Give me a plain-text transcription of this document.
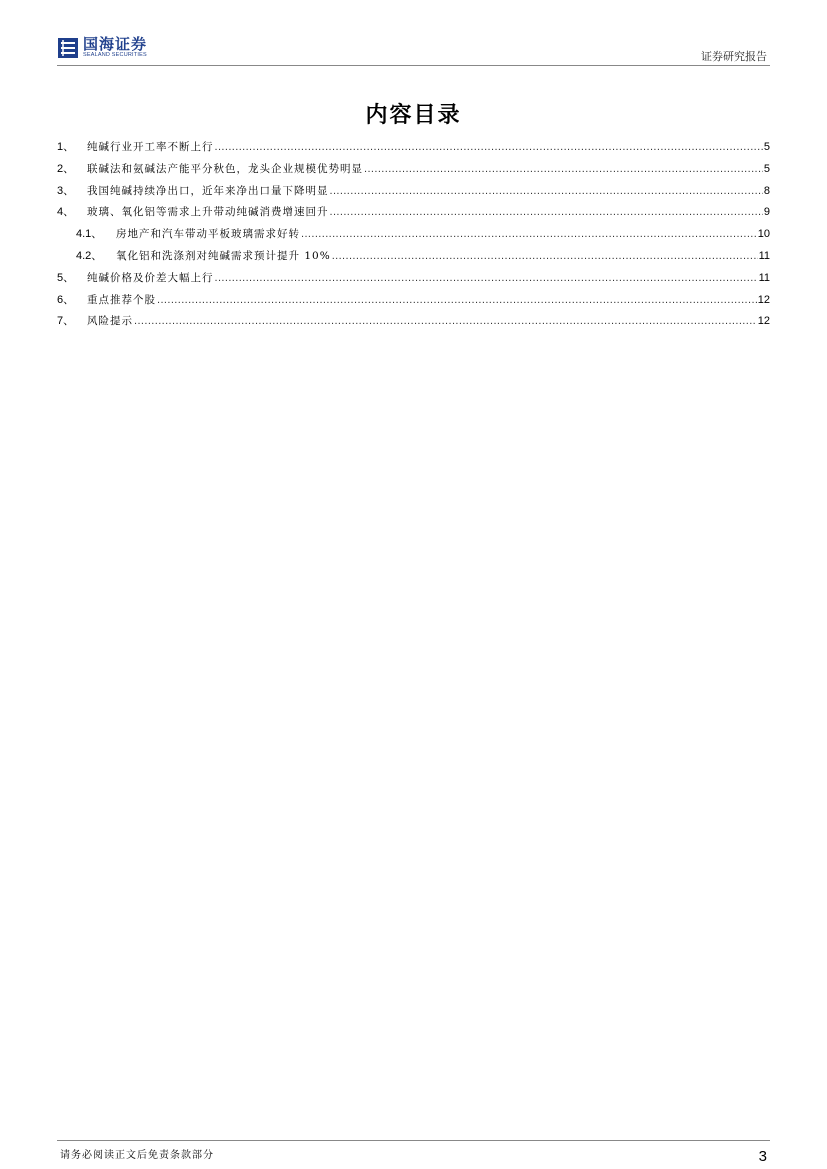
国海证券
SEALAND SECURITIES	证券研究报告
内容目录
1、	纯碱行业开工率不断上行 .....	5
2、	联碱法和氨碱法产能平分秋色，龙头企业规模优势明显 .....	5
3、	我国纯碱持续净出口，近年来净出口量下降明显 .....	8
4、	玻璃、氧化铝等需求上升带动纯碱消费增速回升 .....	9
4.1、	房地产和汽车带动平板玻璃需求好转 .....	10
4.2、	氧化铝和洗涤剂对纯碱需求预计提升 10% .....	11
5、	纯碱价格及价差大幅上行 .....	11
6、	重点推荐个股 .....	12
7、	风险提示 .....	12
请务必阅读正文后免责条款部分	3
